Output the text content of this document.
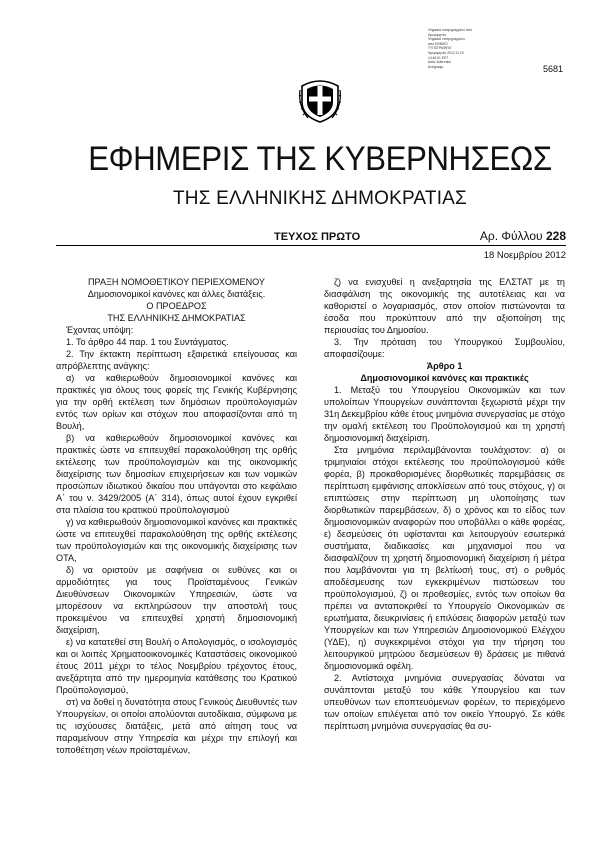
Ψηφιακά υπογεγραμμένο από
Ημερομηνία:
Ψηφιακά υπογεγραμμένο
από ΕΘΝΙΚΟ
ΤΥΠΟΓΡΑΦΕΙΟ
Ημερομηνία: 2012.11.19
14:40:01 EET
Αιτία: Αυθεντικό
Αντίγραφο	5681
ΕΦΗΜΕΡΙΣ ΤΗΣ ΚΥΒΕΡΝΗΣΕΩΣ
ΤΗΣ ΕΛΛΗΝΙΚΗΣ ΔΗΜΟΚΡΑΤΙΑΣ
ΤΕΥΧΟΣ ΠΡΩΤΟ	Αρ. Φύλλου 228
18 Νοεμβρίου 2012

ΠΡΑΞΗ ΝΟΜΟΘΕΤΙΚΟΥ ΠΕΡΙΕΧΟΜΕΝΟΥ

Δημοσιονομικοί κανόνες και άλλες διατάξεις.

Ο ΠΡΟΕΔΡΟΣ

ΤΗΣ ΕΛΛΗΝΙΚΗΣ ΔΗΜΟΚΡΑΤΙΑΣ

Έχοντας υπόψη:

1. Το άρθρο 44 παρ. 1 του Συντάγματος.

2. Την έκτακτη περίπτωση εξαιρετικά επείγουσας και απρόβλεπτης ανάγκης:

α) να καθιερωθούν δημοσιονομικοί κανόνες και πρακτικές για όλους τους φορείς της Γενικής Κυβέρνησης για την ορθή εκτέλεση των δημόσιων προϋπολογισμών εντός των ορίων και στόχων που αποφασίζονται από τη Βουλή,

β) να καθιερωθούν δημοσιονομικοί κανόνες και πρακτικές ώστε να επιτευχθεί παρακολούθηση της ορθής εκτέλεσης των προϋπολογισμών και της οικονομικής διαχείρισης των δημοσίων επιχειρήσεων και των νομικών προσώπων ιδιωτικού δικαίου που υπάγονται στο κεφάλαιο Α΄ του ν. 3429/2005 (Α΄ 314), όπως αυτοί έχουν εγκριθεί στα πλαίσια του κρατικού προϋπολογισμού

γ) να καθιερωθούν δημοσιονομικοί κανόνες και πρακτικές ώστε να επιτευχθεί παρακολούθηση της ορθής εκτέλεσης των προϋπολογισμών και της οικονομικής διαχείρισης των ΟΤΑ,

δ) να οριστούν με σαφήνεια οι ευθύνες και οι αρμοδιότητες για τους Προϊσταμένους Γενικών Διευθύνσεων Οικονομικών Υπηρεσιών, ώστε να μπορέσουν να εκπληρώσουν την αποστολή τους προκειμένου να επιτευχθεί χρηστή δημοσιονομική διαχείριση,

ε) να κατατεθεί στη Βουλή ο Απολογισμός, ο ισολογισμός και οι λοιπές Χρηματοοικονομικές Καταστάσεις οικονομικού έτους 2011 μέχρι το τέλος Νοεμβρίου τρέχοντος έτους, ανεξάρτητα από την ημερομηνία κατάθεσης του Κρατικού Προϋπολογισμού,

στ) να δοθεί η δυνατότητα στους Γενικούς Διευθυντές των Υπουργείων, οι οποίοι απολύονται αυτοδίκαια, σύμφωνα με τις ισχύουσες διατάξεις, μετά από αίτηση τους να παραμείνουν στην Υπηρεσία και μέχρι την επιλογή και τοποθέτηση νέων προϊσταμένων,

ζ) να ενισχυθεί η ανεξαρτησία της ΕΛΣΤΑΤ με τη διασφάλιση της οικονομικής της αυτοτέλειας και να καθοριστεί ο λογαριασμός, στον οποίον πιστώνονται τα έσοδα που προκύπτουν από την αξιοποίηση της περιουσίας του Δημοσίου.

3. Την πρόταση του Υπουργικού Συμβουλίου, αποφασίζουμε:

Άρθρο 1

Δημοσιονομικοί κανόνες και πρακτικές

1. Μεταξύ του Υπουργείου Οικονομικών και των υπολοίπων Υπουργείων συνάπτονται ξεχωριστά μέχρι την 31η Δεκεμβρίου κάθε έτους μνημόνια συνεργασίας με στόχο την ομαλή εκτέλεση του Προϋπολογισμού και τη χρηστή δημοσιονομική διαχείριση.

Στα μνημόνια περιλαμβάνονται τουλάχιστον: α) οι τριμηνιαίοι στόχοι εκτέλεσης του προϋπολογισμού κάθε φορέα, β) προκαθορισμένες διορθωτικές παρεμβάσεις σε περίπτωση εμφάνισης αποκλίσεων από τους στόχους, γ) οι επιπτώσεις στην περίπτωση μη υλοποίησης των διορθωτικών παρεμβάσεων, δ) ο χρόνος και το είδος των δημοσιονομικών αναφορών που υποβάλλει ο κάθε φορέας, ε) δεσμεύσεις ότι υφίστανται και λειτουργούν εσωτερικά συστήματα, διαδικασίες και μηχανισμοί που να διασφαλίζουν τη χρηστή δημοσιονομική διαχείριση ή μέτρα που λαμβάνονται για τη βελτίωσή τους, στ) ο ρυθμός αποδέσμευσης των εγκεκριμένων πιστώσεων του προϋπολογισμού, ζ) οι προθεσμίες, εντός των οποίων θα πρέπει να ανταποκριθεί το Υπουργείο Οικονομικών σε ερωτήματα, διευκρινίσεις ή επιλύσεις διαφορών μεταξύ των Υπουργείων και των Υπηρεσιών Δημοσιονομικού Ελέγχου (ΥΔΕ), η) συγκεκριμένοι στόχοι για την τήρηση του λειτουργικού μητρώου δεσμεύσεων θ) δράσεις με πιθανά δημοσιονομικά οφέλη.

2. Αντίστοιχα μνημόνια συνεργασίας δύναται να συνάπτονται μεταξύ του κάθε Υπουργείου και των υπευθύνων των εποπτευόμενων φορέων, το περιεχόμενο των οποίων επιλέγεται από τον οικείο Υπουργό. Σε κάθε περίπτωση μνημόνια συνεργασίας θα συ-
